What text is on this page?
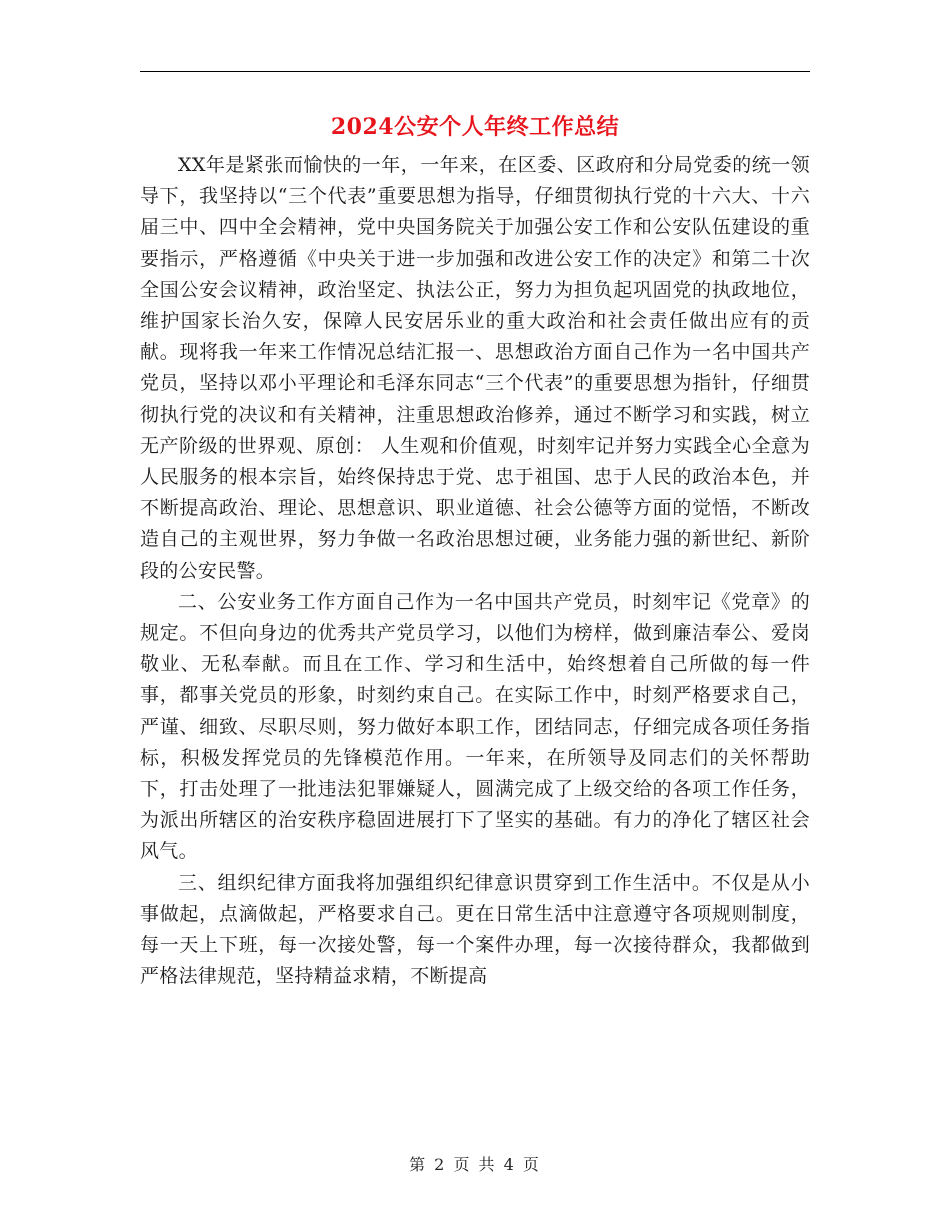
2024公安个人年终工作总结

XX年是紧张而愉快的一年，一年来，在区委、区政府和分局党委的统一领导下，我坚持以“三个代表”重要思想为指导，仔细贯彻执行党的十六大、十六届三中、四中全会精神，党中央国务院关于加强公安工作和公安队伍建设的重要指示，严格遵循《中央关于进一步加强和改进公安工作的决定》和第二十次全国公安会议精神，政治坚定、执法公正，努力为担负起巩固党的执政地位，维护国家长治久安，保障人民安居乐业的重大政治和社会责任做出应有的贡献。现将我一年来工作情况总结汇报一、思想政治方面自己作为一名中国共产党员，坚持以邓小平理论和毛泽东同志“三个代表”的重要思想为指针，仔细贯彻执行党的决议和有关精神，注重思想政治修养，通过不断学习和实践，树立无产阶级的世界观、原创： 人生观和价值观，时刻牢记并努力实践全心全意为人民服务的根本宗旨，始终保持忠于党、忠于祖国、忠于人民的政治本色，并不断提高政治、理论、思想意识、职业道德、社会公德等方面的觉悟，不断改造自己的主观世界，努力争做一名政治思想过硬，业务能力强的新世纪、新阶段的公安民警。

二、公安业务工作方面自己作为一名中国共产党员，时刻牢记《党章》的规定。不但向身边的优秀共产党员学习，以他们为榜样，做到廉洁奉公、爱岗敬业、无私奉献。而且在工作、学习和生活中，始终想着自己所做的每一件事，都事关党员的形象，时刻约束自己。在实际工作中，时刻严格要求自己，严谨、细致、尽职尽则，努力做好本职工作，团结同志，仔细完成各项任务指标，积极发挥党员的先锋模范作用。一年来，在所领导及同志们的关怀帮助下，打击处理了一批违法犯罪嫌疑人，圆满完成了上级交给的各项工作任务，为派出所辖区的治安秩序稳固进展打下了坚实的基础。有力的净化了辖区社会风气。

三、组织纪律方面我将加强组织纪律意识贯穿到工作生活中。不仅是从小事做起，点滴做起，严格要求自己。更在日常生活中注意遵守各项规则制度，每一天上下班，每一次接处警，每一个案件办理，每一次接待群众，我都做到严格法律规范，坚持精益求精，不断提高

第 2 页 共 4 页
